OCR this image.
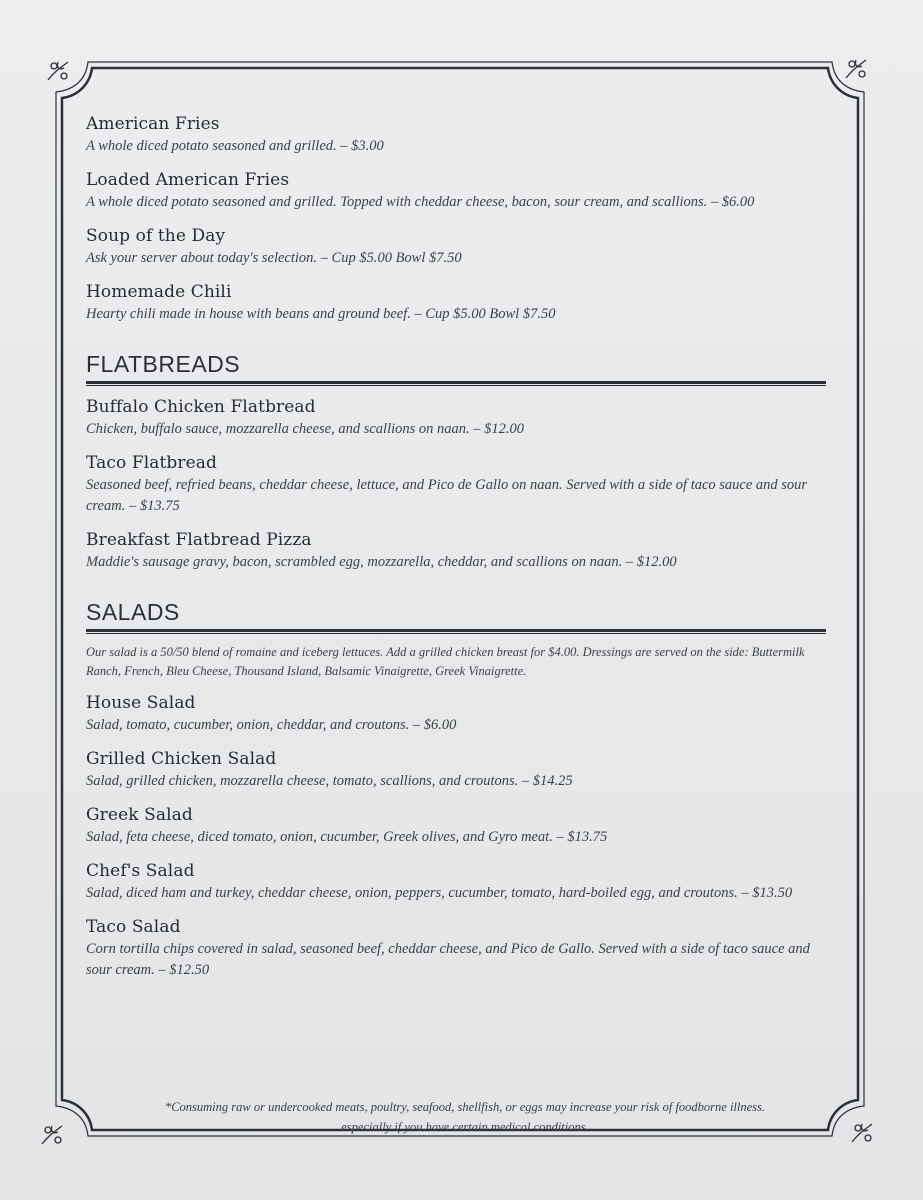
American Fries
A whole diced potato seasoned and grilled. – $3.00
Loaded American Fries
A whole diced potato seasoned and grilled. Topped with cheddar cheese, bacon, sour cream, and scallions. – $6.00
Soup of the Day
Ask your server about today's selection. – Cup $5.00 Bowl $7.50
Homemade Chili
Hearty chili made in house with beans and ground beef. – Cup $5.00 Bowl $7.50
FLATBREADS
Buffalo Chicken Flatbread
Chicken, buffalo sauce, mozzarella cheese, and scallions on naan. – $12.00
Taco Flatbread
Seasoned beef, refried beans, cheddar cheese, lettuce, and Pico de Gallo on naan. Served with a side of taco sauce and sour cream. – $13.75
Breakfast Flatbread Pizza
Maddie's sausage gravy, bacon, scrambled egg, mozzarella, cheddar, and scallions on naan. – $12.00
SALADS
Our salad is a 50/50 blend of romaine and iceberg lettuces. Add a grilled chicken breast for $4.00. Dressings are served on the side: Buttermilk Ranch, French, Bleu Cheese, Thousand Island, Balsamic Vinaigrette, Greek Vinaigrette.
House Salad
Salad, tomato, cucumber, onion, cheddar, and croutons. – $6.00
Grilled Chicken Salad
Salad, grilled chicken, mozzarella cheese, tomato, scallions, and croutons. – $14.25
Greek Salad
Salad, feta cheese, diced tomato, onion, cucumber, Greek olives, and Gyro meat. – $13.75
Chef's Salad
Salad, diced ham and turkey, cheddar cheese, onion, peppers, cucumber, tomato, hard-boiled egg, and croutons. – $13.50
Taco Salad
Corn tortilla chips covered in salad, seasoned beef, cheddar cheese, and Pico de Gallo. Served with a side of taco sauce and sour cream. – $12.50
*Consuming raw or undercooked meats, poultry, seafood, shellfish, or eggs may increase your risk of foodborne illness.
especially if you have certain medical conditions.
